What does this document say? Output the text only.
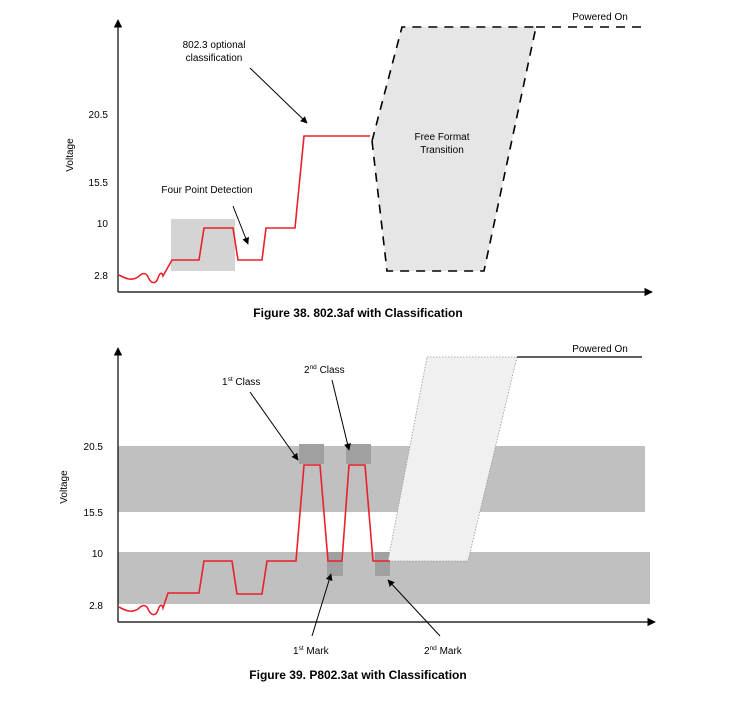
20.5
15.5
10
2.8
Voltage
802.3 optional
classification
Four Point Detection
Free Format
Transition
Powered On
Figure 38. 802.3af with Classification
20.5
15.5
10
2.8
Voltage
1st Class
2nd Class
1st Mark	2nd Mark
Powered On
Figure 39. P802.3at with Classification
